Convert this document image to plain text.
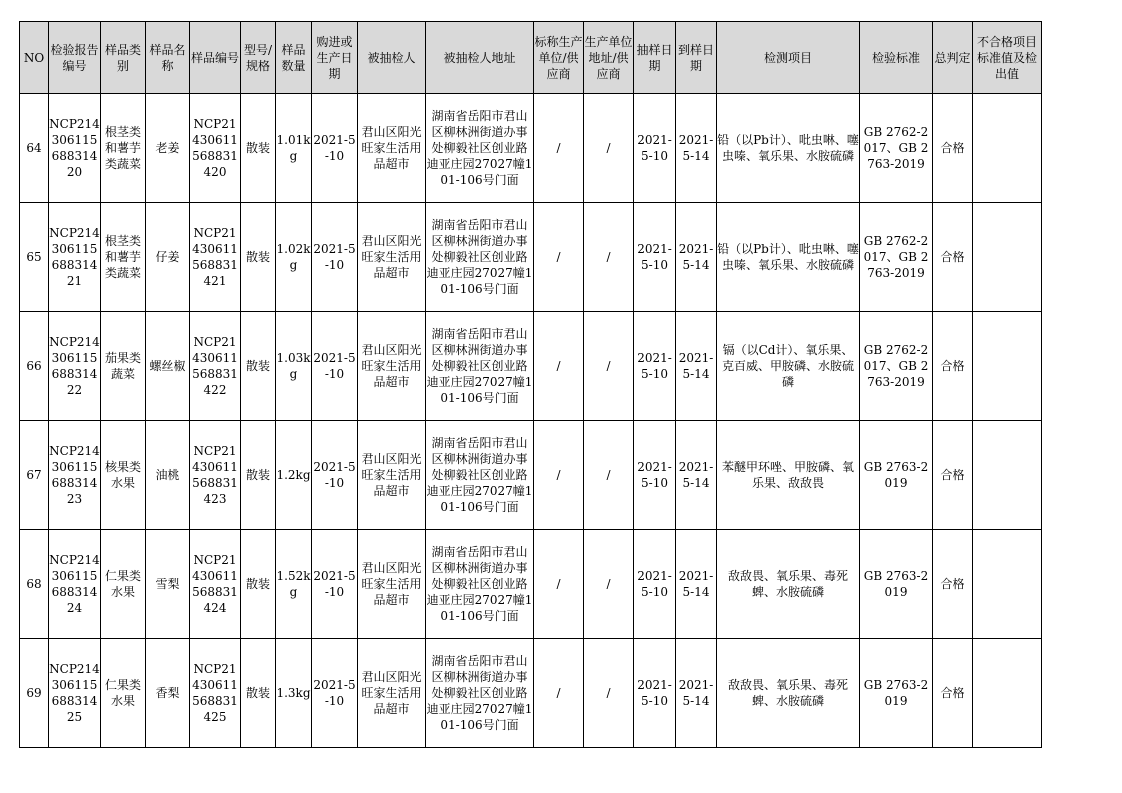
NO	检验报告编号	样品类别	样品名称	样品编号	型号/规格	样品数量	购进或生产日期	被抽检人	被抽检人地址	标称生产单位/供应商	生产单位地址/供应商	抽样日期	到样日期	检测项目	检验标准	总判定	不合格项目标准值及检出值
64	NCP21430611568831420	根茎类和薯芋类蔬菜	老姜	NCP21430611568831420	散装	1.01kg	2021-5-10	君山区阳光旺家生活用品超市	湖南省岳阳市君山区柳林洲街道办事处柳毅社区创业路迪亚庄园27027幢101-106号门面	/	/	2021-5-10	2021-5-14	铅（以Pb计）、吡虫啉、噻虫嗪、氧乐果、水胺硫磷	GB 2762-2017、GB 2763-2019	合格	
65	NCP21430611568831421	根茎类和薯芋类蔬菜	仔姜	NCP21430611568831421	散装	1.02kg	2021-5-10	君山区阳光旺家生活用品超市	湖南省岳阳市君山区柳林洲街道办事处柳毅社区创业路迪亚庄园27027幢101-106号门面	/	/	2021-5-10	2021-5-14	铅（以Pb计）、吡虫啉、噻虫嗪、氧乐果、水胺硫磷	GB 2762-2017、GB 2763-2019	合格	
66	NCP21430611568831422	茄果类蔬菜	螺丝椒	NCP21430611568831422	散装	1.03kg	2021-5-10	君山区阳光旺家生活用品超市	湖南省岳阳市君山区柳林洲街道办事处柳毅社区创业路迪亚庄园27027幢101-106号门面	/	/	2021-5-10	2021-5-14	镉（以Cd计）、氧乐果、克百威、甲胺磷、水胺硫磷	GB 2762-2017、GB 2763-2019	合格	
67	NCP21430611568831423	核果类水果	油桃	NCP21430611568831423	散装	1.2kg	2021-5-10	君山区阳光旺家生活用品超市	湖南省岳阳市君山区柳林洲街道办事处柳毅社区创业路迪亚庄园27027幢101-106号门面	/	/	2021-5-10	2021-5-14	苯醚甲环唑、甲胺磷、氧乐果、敌敌畏	GB 2763-2019	合格	
68	NCP21430611568831424	仁果类水果	雪梨	NCP21430611568831424	散装	1.52kg	2021-5-10	君山区阳光旺家生活用品超市	湖南省岳阳市君山区柳林洲街道办事处柳毅社区创业路迪亚庄园27027幢101-106号门面	/	/	2021-5-10	2021-5-14	敌敌畏、氧乐果、毒死蜱、水胺硫磷	GB 2763-2019	合格	
69	NCP21430611568831425	仁果类水果	香梨	NCP21430611568831425	散装	1.3kg	2021-5-10	君山区阳光旺家生活用品超市	湖南省岳阳市君山区柳林洲街道办事处柳毅社区创业路迪亚庄园27027幢101-106号门面	/	/	2021-5-10	2021-5-14	敌敌畏、氧乐果、毒死蜱、水胺硫磷	GB 2763-2019	合格	
